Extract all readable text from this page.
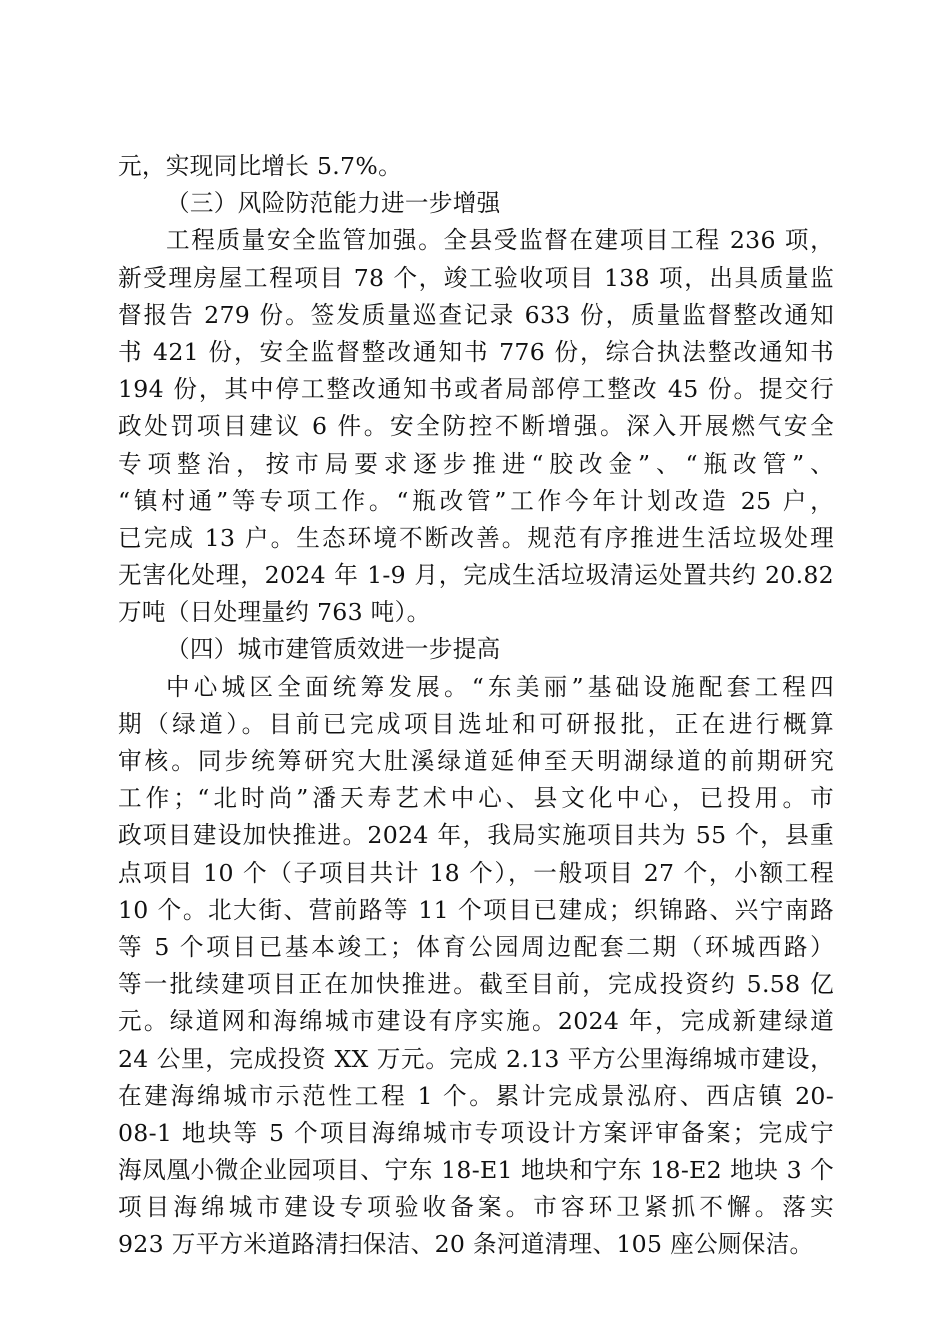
元，实现同比增长 5.7%。
（三）风险防范能力进一步增强
工程质量安全监管加强。全县受监督在建项目工程 236 项，
新受理房屋工程项目 78 个，竣工验收项目 138 项，出具质量监
督报告 279 份。签发质量巡查记录 633 份，质量监督整改通知
书 421 份，安全监督整改通知书 776 份，综合执法整改通知书
194 份，其中停工整改通知书或者局部停工整改 45 份。提交行
政处罚项目建议 6 件。安全防控不断增强。深入开展燃气安全
专项整治，按市局要求逐步推进“胶改金”、“瓶改管”、
“镇村通”等专项工作。“瓶改管”工作今年计划改造 25 户，
已完成 13 户。生态环境不断改善。规范有序推进生活垃圾处理
无害化处理，2024 年 1-9 月，完成生活垃圾清运处置共约 20.82
万吨（日处理量约 763 吨）。
（四）城市建管质效进一步提高
中心城区全面统筹发展。“东美丽”基础设施配套工程四
期（绿道）。目前已完成项目选址和可研报批，正在进行概算
审核。同步统筹研究大肚溪绿道延伸至天明湖绿道的前期研究
工作；“北时尚”潘天寿艺术中心、县文化中心，已投用。市
政项目建设加快推进。2024 年，我局实施项目共为 55 个，县重
点项目 10 个（子项目共计 18 个），一般项目 27 个，小额工程
10 个。北大街、营前路等 11 个项目已建成；织锦路、兴宁南路
等 5 个项目已基本竣工；体育公园周边配套二期（环城西路）
等一批续建项目正在加快推进。截至目前，完成投资约 5.58 亿
元。绿道网和海绵城市建设有序实施。2024 年，完成新建绿道
24 公里，完成投资 XX 万元。完成 2.13 平方公里海绵城市建设，
在建海绵城市示范性工程 1 个。累计完成景泓府、西店镇 20-
08-1 地块等 5 个项目海绵城市专项设计方案评审备案；完成宁
海凤凰小微企业园项目、宁东 18-E1 地块和宁东 18-E2 地块 3 个
项目海绵城市建设专项验收备案。市容环卫紧抓不懈。落实
923 万平方米道路清扫保洁、20 条河道清理、105 座公厕保洁。
